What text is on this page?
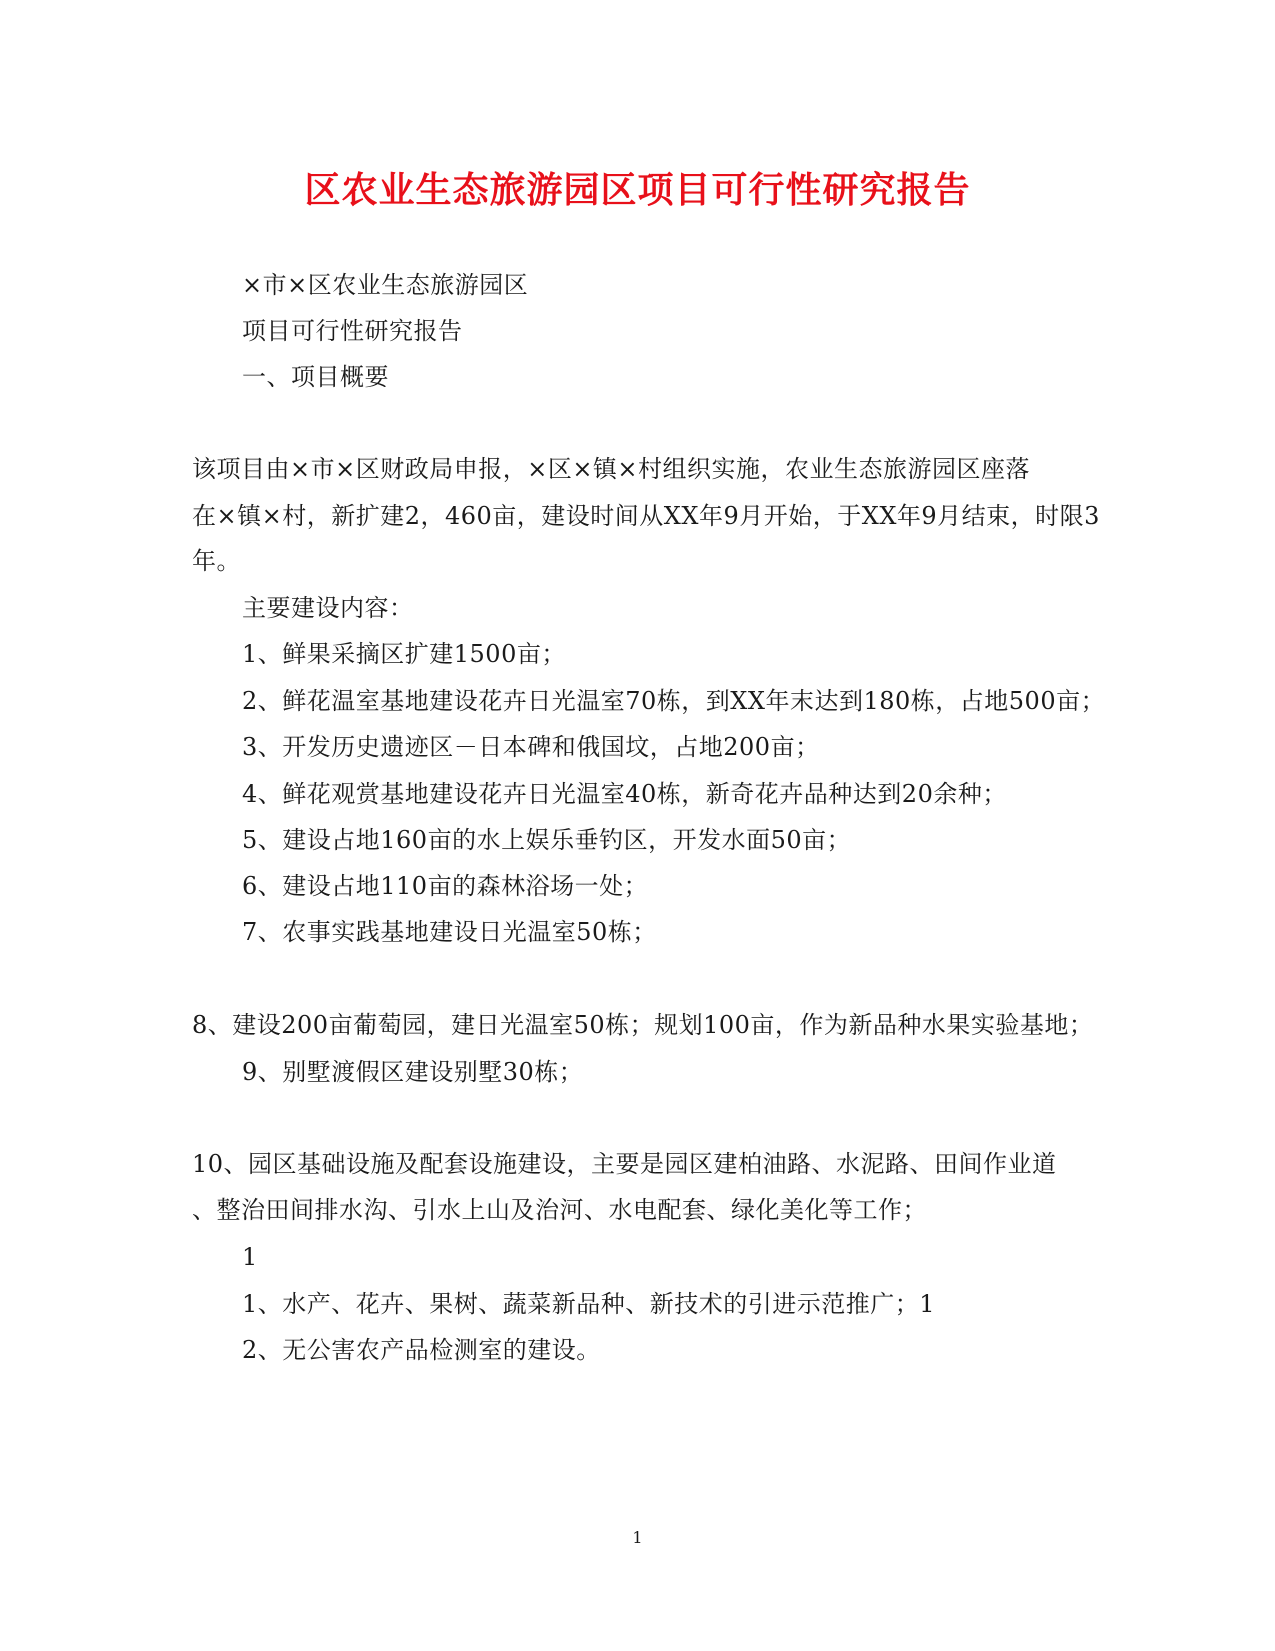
区农业生态旅游园区项目可行性研究报告
×市×区农业生态旅游园区
项目可行性研究报告
一、项目概要
该项目由×市×区财政局申报，×区×镇×村组织实施，农业生态旅游园区座落
在×镇×村，新扩建2，460亩，建设时间从XX年9月开始，于XX年9月结束，时限3
年。
主要建设内容：
1、鲜果采摘区扩建1500亩；
2、鲜花温室基地建设花卉日光温室70栋，到XX年末达到180栋，占地500亩；
3、开发历史遗迹区－日本碑和俄国坟，占地200亩；
4、鲜花观赏基地建设花卉日光温室40栋，新奇花卉品种达到20余种；
5、建设占地160亩的水上娱乐垂钓区，开发水面50亩；
6、建设占地110亩的森林浴场一处；
7、农事实践基地建设日光温室50栋；
8、建设200亩葡萄园，建日光温室50栋；规划100亩，作为新品种水果实验基地；
9、别墅渡假区建设别墅30栋；
10、园区基础设施及配套设施建设，主要是园区建柏油路、水泥路、田间作业道
、整治田间排水沟、引水上山及治河、水电配套、绿化美化等工作；
1
1、水产、花卉、果树、蔬菜新品种、新技术的引进示范推广；1
2、无公害农产品检测室的建设。
1
